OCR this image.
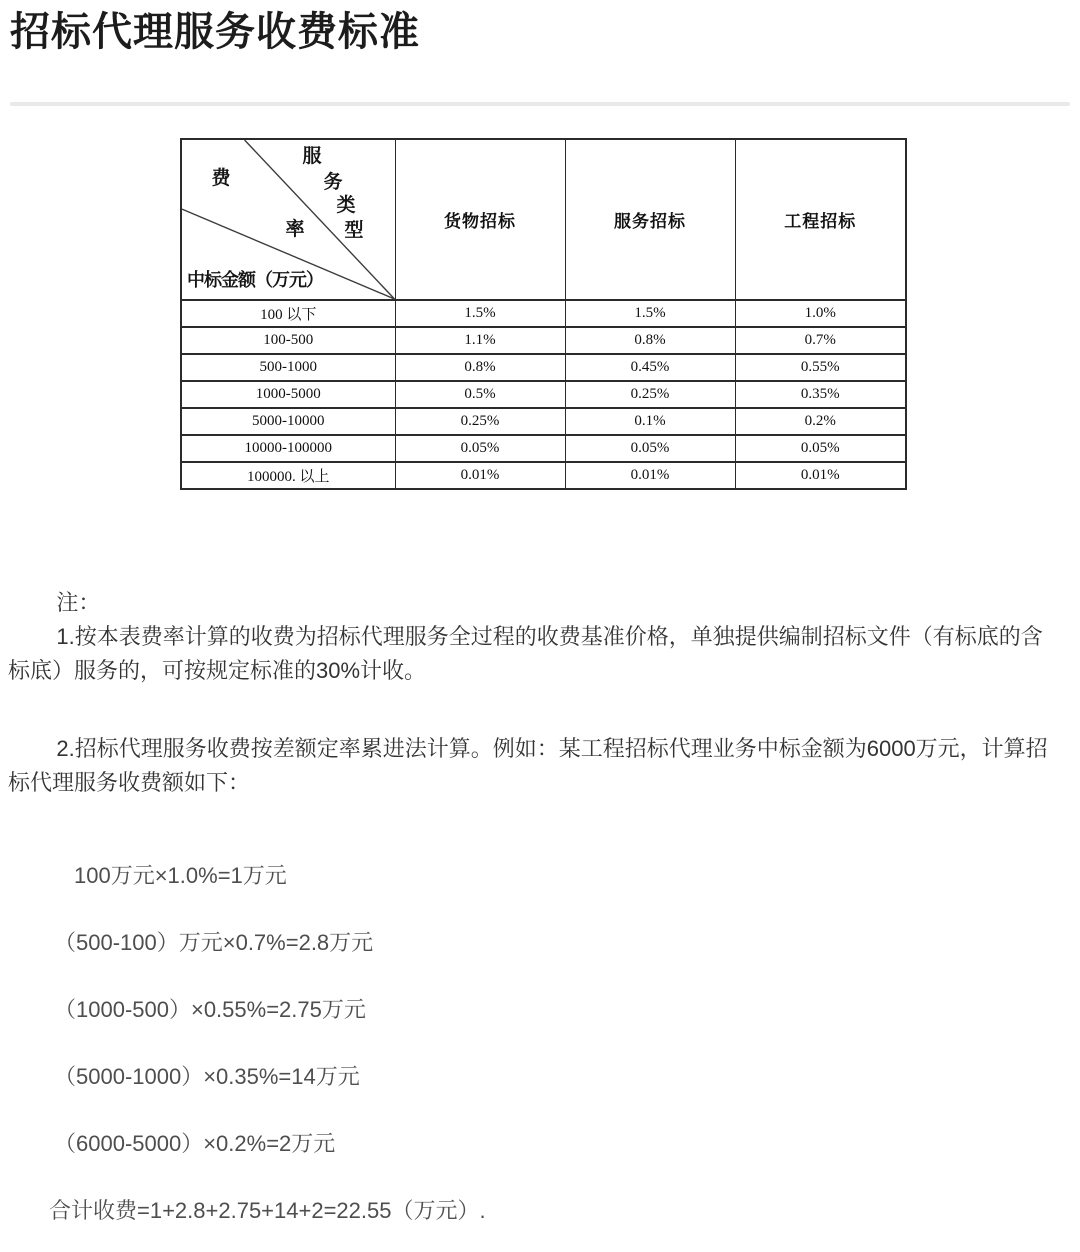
招标代理服务收费标准
服
务
类
型
费
率
中标金额（万元）
	货物招标	服务招标	工程招标
100 以下	1.5%	1.5%	1.0%
100-500	1.1%	0.8%	0.7%
500-1000	0.8%	0.45%	0.55%
1000-5000	0.5%	0.25%	0.35%
5000-10000	0.25%	0.1%	0.2%
10000-100000	0.05%	0.05%	0.05%
100000. 以上	0.01%	0.01%	0.01%

注：

1.按本表费率计算的收费为招标代理服务全过程的收费基准价格，单独提供编制招标文件（有标底的含标底）服务的，可按规定标准的30%计收。

2.招标代理服务收费按差额定率累进法计算。例如：某工程招标代理业务中标金额为6000万元，计算招标代理服务收费额如下：

100万元×1.0%=1万元

（500-100）万元×0.7%=2.8万元

（1000-500）×0.55%=2.75万元

（5000-1000）×0.35%=14万元

（6000-5000）×0.2%=2万元

合计收费=1+2.8+2.75+14+2=22.55（万元）.
